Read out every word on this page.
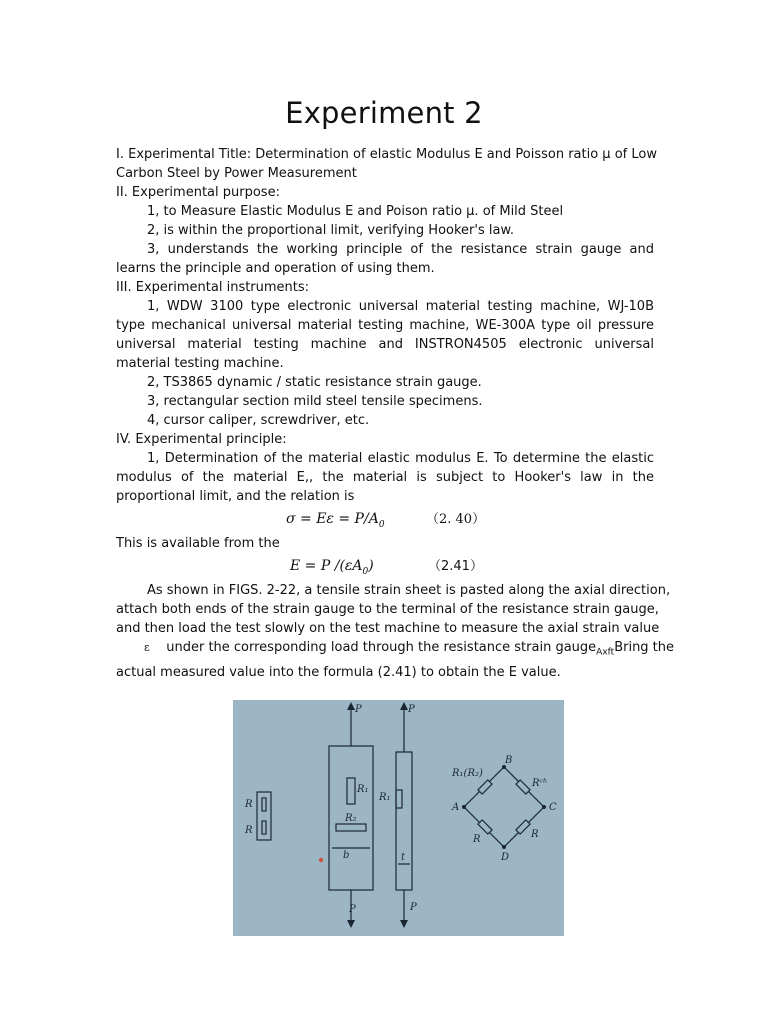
Experiment 2

I. Experimental Title: Determination of elastic Modulus E and Poisson ratio μ of Low

Carbon Steel by Power Measurement

II. Experimental purpose:

1, to Measure Elastic Modulus E and Poison ratio μ. of Mild Steel

2, is within the proportional limit, verifying Hooker's law.

3, understands the working principle of the resistance strain gauge and learns the principle and operation of using them.

III. Experimental instruments:

1, WDW 3100 type electronic universal material testing machine, WJ-10B type mechanical universal material testing machine, WE-300A type oil pressure universal material testing machine and INSTRON4505 electronic universal material testing machine.

2, TS3865 dynamic / static resistance strain gauge.

3, rectangular section mild steel tensile specimens.

4, cursor caliper, screwdriver, etc.

IV. Experimental principle:

1, Determination of the material elastic modulus E. To determine the elastic modulus of the material E,, the material is subject to Hooker's law in the proportional limit, and the relation is

$\sigma = E\varepsilon = P/A_0$	（2. 40）

This is available from the

E = P $/(\varepsilon A_0)$	（2.41）

As shown in FIGS. 2-22, a tensile strain sheet is pasted along the axial direction,

attach both ends of the strain gauge to the terminal of the resistance strain gauge,

and then load the test slowly on the test machine to measure the axial strain value

ε under the corresponding load through the resistance strain gauge$_{Axft}$Bring the

actual measured value into the formula (2.41) to obtain the E value.

P	P
P	P
R
R
R₁
R₂
R₁
b	t
R₁(R₂)
Rᶜʰ
B
A	C
D
R	R
